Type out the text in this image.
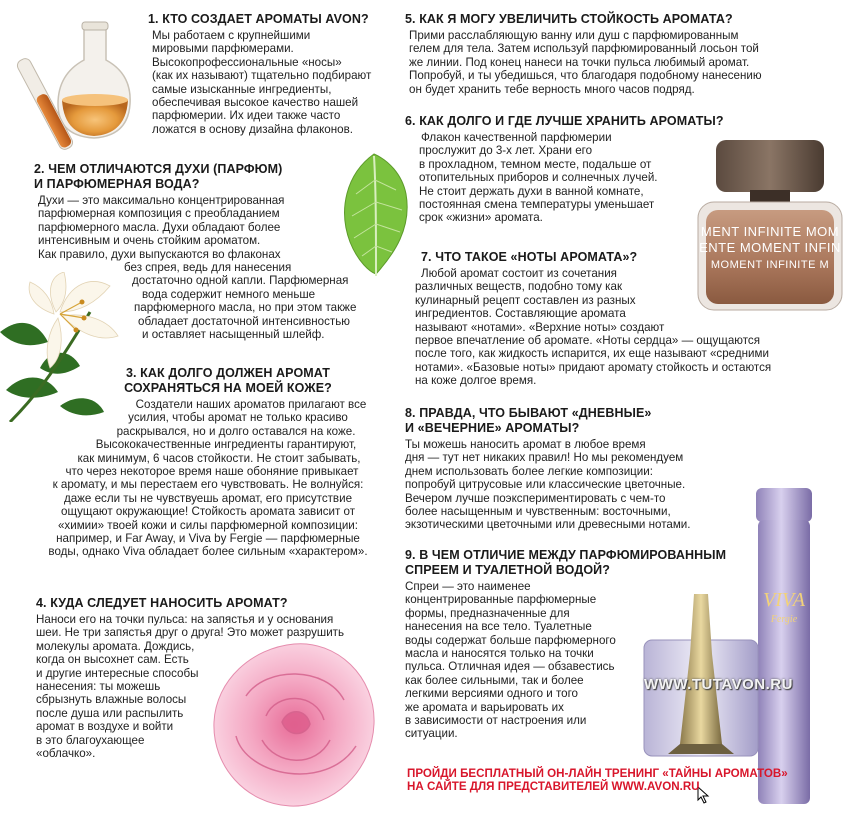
MENT INFINITE MOM
ENTE MOMENT INFIN
MOMENT INFINITE M
VIVA
Fergie
WWW.TUTAVON.RU
1. КТО СОЗДАЕТ АРОМАТЫ AVON?
Мы работаем с крупнейшими
мировыми парфюмерами.
Высокопрофессиональные «носы»
(как их называют) тщательно подбирают
самые изысканные ингредиенты,
обеспечивая высокое качество нашей
парфюмерии. Их идеи также часто
ложатся в основу дизайна флаконов.
2. ЧЕМ ОТЛИЧАЮТСЯ ДУХИ (ПАРФЮМ)
И ПАРФЮМЕРНАЯ ВОДА?
Духи — это максимально концентрированная
парфюмерная композиция с преобладанием
парфюмерного масла. Духи обладают более
интенсивным и очень стойким ароматом.
Как правило, духи выпускаются во флаконах
без спрея, ведь для нанесения
достаточно одной капли. Парфюмерная
вода содержит немного меньше
парфюмерного масла, но при этом также
обладает достаточной интенсивностью
и оставляет насыщенный шлейф.
3. КАК ДОЛГО ДОЛЖЕН АРОМАТ
СОХРАНЯТЬСЯ НА МОЕЙ КОЖЕ?
Создатели наших ароматов прилагают все
усилия, чтобы аромат не только красиво
раскрывался, но и долго оставался на коже.
Высококачественные ингредиенты гарантируют,
как минимум, 6 часов стойкости. Не стоит забывать,
что через некоторое время наше обоняние привыкает
к аромату, и мы перестаем его чувствовать. Не волнуйся:
даже если ты не чувствуешь аромат, его присутствие
ощущают окружающие! Стойкость аромата зависит от
«химии» твоей кожи и силы парфюмерной композиции:
например, и Far Away, и Viva by Fergie — парфюмерные
воды, однако Viva обладает более сильным «характером».
4. КУДА СЛЕДУЕТ НАНОСИТЬ АРОМАТ?
Наноси его на точки пульса: на запястья и у основания
шеи. Не три запястья друг о друга! Это может разрушить
молекулы аромата. Дождись,
когда он высохнет сам. Есть
и другие интересные способы
нанесения: ты можешь
сбрызнуть влажные волосы
после душа или распылить
аромат в воздухе и войти
в это благоухающее
«облачко».
5. КАК Я МОГУ УВЕЛИЧИТЬ СТОЙКОСТЬ АРОМАТА?
Прими расслабляющую ванну или душ с парфюмированным
гелем для тела. Затем используй парфюмированный лосьон той
же линии. Под конец нанеси на точки пульса любимый аромат.
Попробуй, и ты убедишься, что благодаря подобному нанесению
он будет хранить тебе верность много часов подряд.
6. КАК ДОЛГО И ГДЕ ЛУЧШЕ ХРАНИТЬ АРОМАТЫ?
Флакон качественной парфюмерии
прослужит до 3-х лет. Храни его
в прохладном, темном месте, подальше от
отопительных приборов и солнечных лучей.
Не стоит держать духи в ванной комнате,
постоянная смена температуры уменьшает
срок «жизни» аромата.
7. ЧТО ТАКОЕ «НОТЫ АРОМАТА»?
Любой аромат состоит из сочетания
различных веществ, подобно тому как
кулинарный рецепт составлен из разных
ингредиентов. Составляющие аромата
называют «нотами». «Верхние ноты» создают
первое впечатление об аромате. «Ноты сердца» — ощущаются
после того, как жидкость испарится, их еще называют «средними
нотами». «Базовые ноты» придают аромату стойкость и остаются
на коже долгое время.
8. ПРАВДА, ЧТО БЫВАЮТ «ДНЕВНЫЕ»
И «ВЕЧЕРНИЕ» АРОМАТЫ?
Ты можешь наносить аромат в любое время
дня — тут нет никаких правил! Но мы рекомендуем
днем использовать более легкие композиции:
попробуй цитрусовые или классические цветочные.
Вечером лучше поэкспериментировать с чем-то
более насыщенным и чувственным: восточными,
экзотическими цветочными или древесными нотами.
9. В ЧЕМ ОТЛИЧИЕ МЕЖДУ ПАРФЮМИРОВАННЫМ
СПРЕЕМ И ТУАЛЕТНОЙ ВОДОЙ?
Спреи — это наименее
концентрированные парфюмерные
формы, предназначенные для
нанесения на все тело. Туалетные
воды содержат больше парфюмерного
масла и наносятся только на точки
пульса. Отличная идея — обзавестись
как более сильными, так и более
легкими версиями одного и того
же аромата и варьировать их
в зависимости от настроения или
ситуации.
ПРОЙДИ БЕСПЛАТНЫЙ ОН-ЛАЙН ТРЕНИНГ «ТАЙНЫ АРОМАТОВ»
НА САЙТЕ ДЛЯ ПРЕДСТАВИТЕЛЕЙ WWW.AVON.RU
